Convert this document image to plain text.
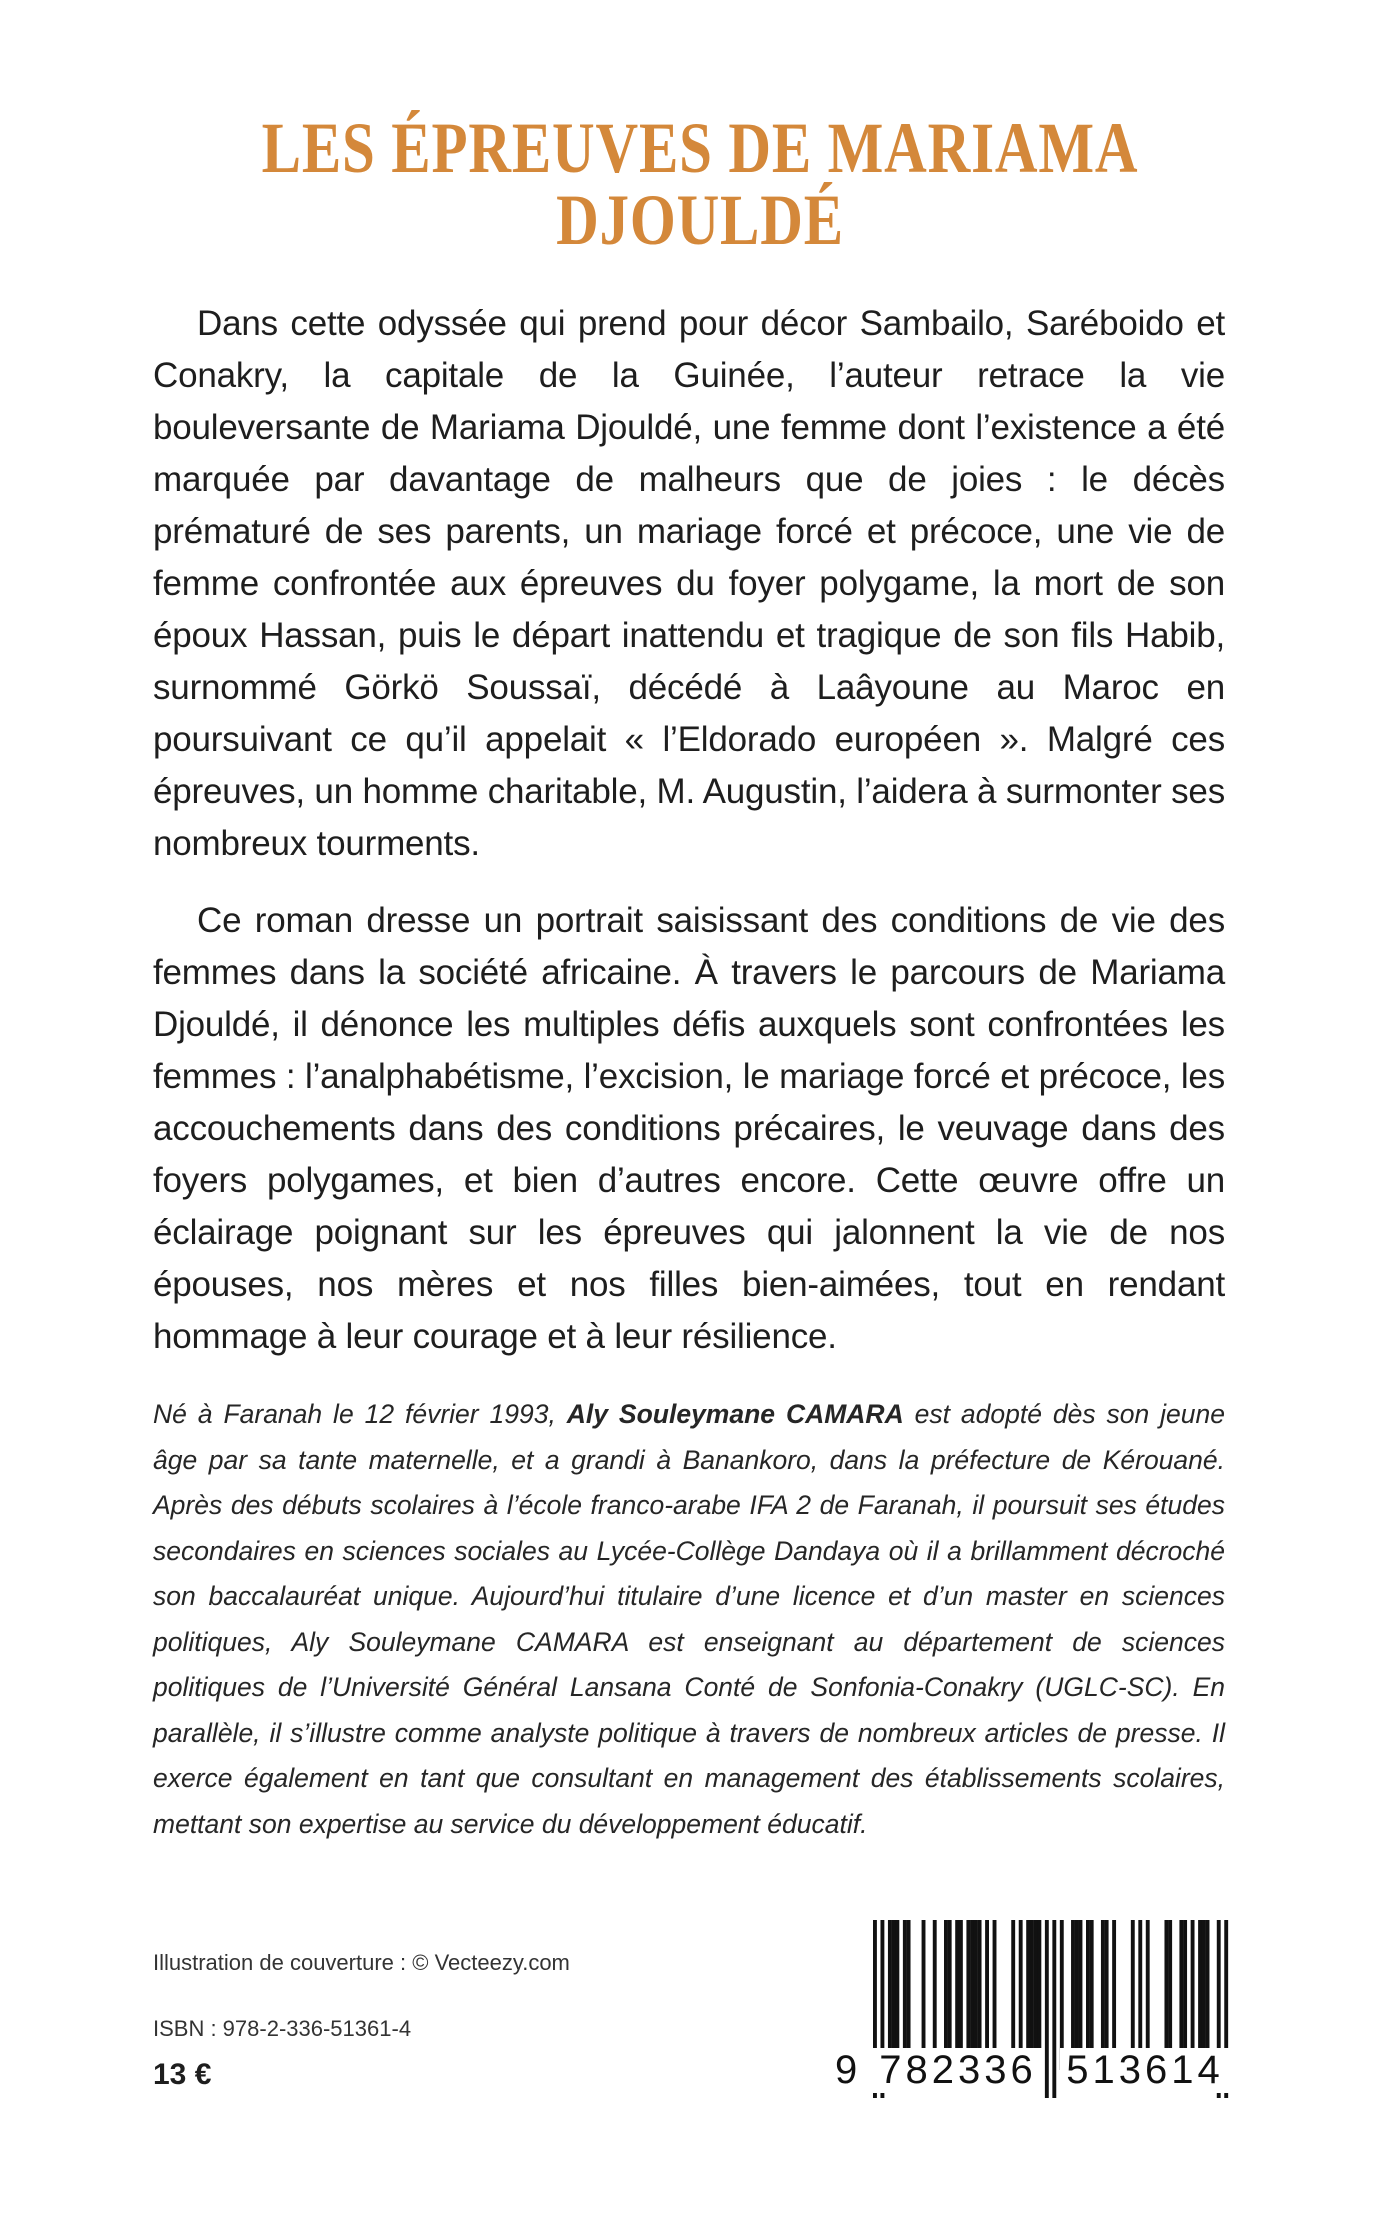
LES ÉPREUVES DE MARIAMA DJOULDÉ

Dans cette odyssée qui prend pour décor Sambailo, Saréboido et Conakry, la capitale de la Guinée, l’auteur retrace la vie bouleversante de Mariama Djouldé, une femme dont l’existence a été marquée par davantage de malheurs que de joies : le décès prématuré de ses parents, un mariage forcé et précoce, une vie de femme confrontée aux épreuves du foyer polygame, la mort de son époux Hassan, puis le départ inattendu et tragique de son fils Habib, surnommé Görkö Soussaï, décédé à Laâyoune au Maroc en poursuivant ce qu’il appelait « l’Eldorado européen ». Malgré ces épreuves, un homme charitable, M. Augustin, l’aidera à surmonter ses nombreux tourments.

Ce roman dresse un portrait saisissant des conditions de vie des femmes dans la société africaine. À travers le parcours de Mariama Djouldé, il dénonce les multiples défis auxquels sont confrontées les femmes : l’analphabétisme, l’excision, le mariage forcé et précoce, les accouchements dans des conditions précaires, le veuvage dans des foyers polygames, et bien d’autres encore. Cette œuvre offre un éclairage poignant sur les épreuves qui jalonnent la vie de nos épouses, nos mères et nos filles bien-aimées, tout en rendant hommage à leur courage et à leur résilience.

Né à Faranah le 12 février 1993, Aly Souleymane CAMARA est adopté dès son jeune âge par sa tante maternelle, et a grandi à Banankoro, dans la préfecture de Kérouané. Après des débuts scolaires à l’école franco-arabe IFA 2 de Faranah, il poursuit ses études secondaires en sciences sociales au Lycée-Collège Dandaya où il a brillamment décroché son baccalauréat unique. Aujourd’hui titulaire d’une licence et d’un master en sciences politiques, Aly Souleymane CAMARA est enseignant au département de sciences politiques de l’Université Général Lansana Conté de Sonfonia-Conakry (UGLC-SC). En parallèle, il s’illustre comme analyste politique à travers de nombreux articles de presse. Il exerce également en tant que consultant en management des établissements scolaires, mettant son expertise au service du développement éducatif.

Illustration de couverture : © Vecteezy.com

ISBN : 978-2-336-51361-4

13 €	9 782336 513614
